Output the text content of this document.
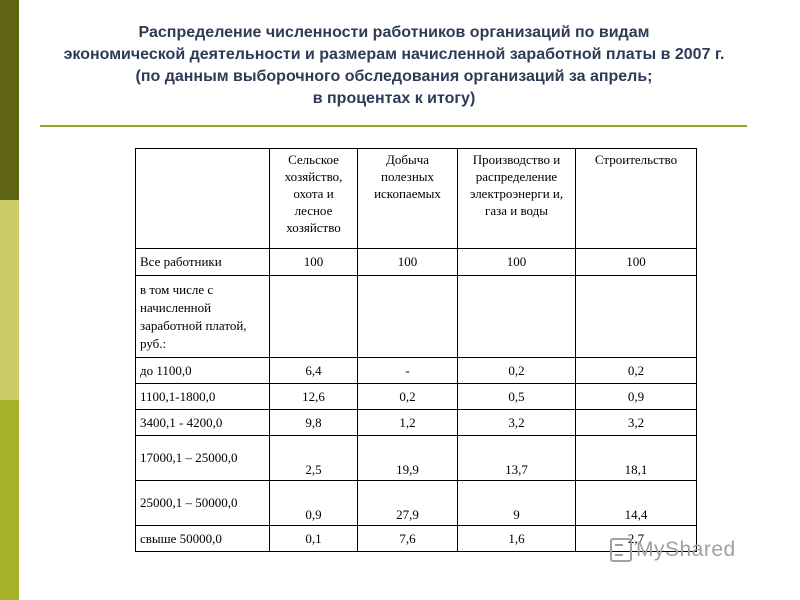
Распределение численности работников организаций по видам
экономической деятельности и размерам начисленной заработной платы в 2007 г.
(по данным выборочного обследования организаций за апрель;
в процентах к итогу)
	Сельское хозяйство, охота и лесное хозяйство	Добыча полезных ископаемых	Производство и распределение электроэнерги и, газа и воды	Строительство
Все работники	100	100	100	100
в том числе с начисленной заработной платой, руб.:				
до 1100,0	6,4	-	0,2	0,2
1100,1-1800,0	12,6	0,2	0,5	0,9
3400,1 - 4200,0	9,8	1,2	3,2	3,2
17000,1 – 25000,0	2,5	19,9	13,7	18,1
25000,1 – 50000,0	0,9	27,9	9	14,4
свыше 50000,0	0,1	7,6	1,6	2,7
MyShared
